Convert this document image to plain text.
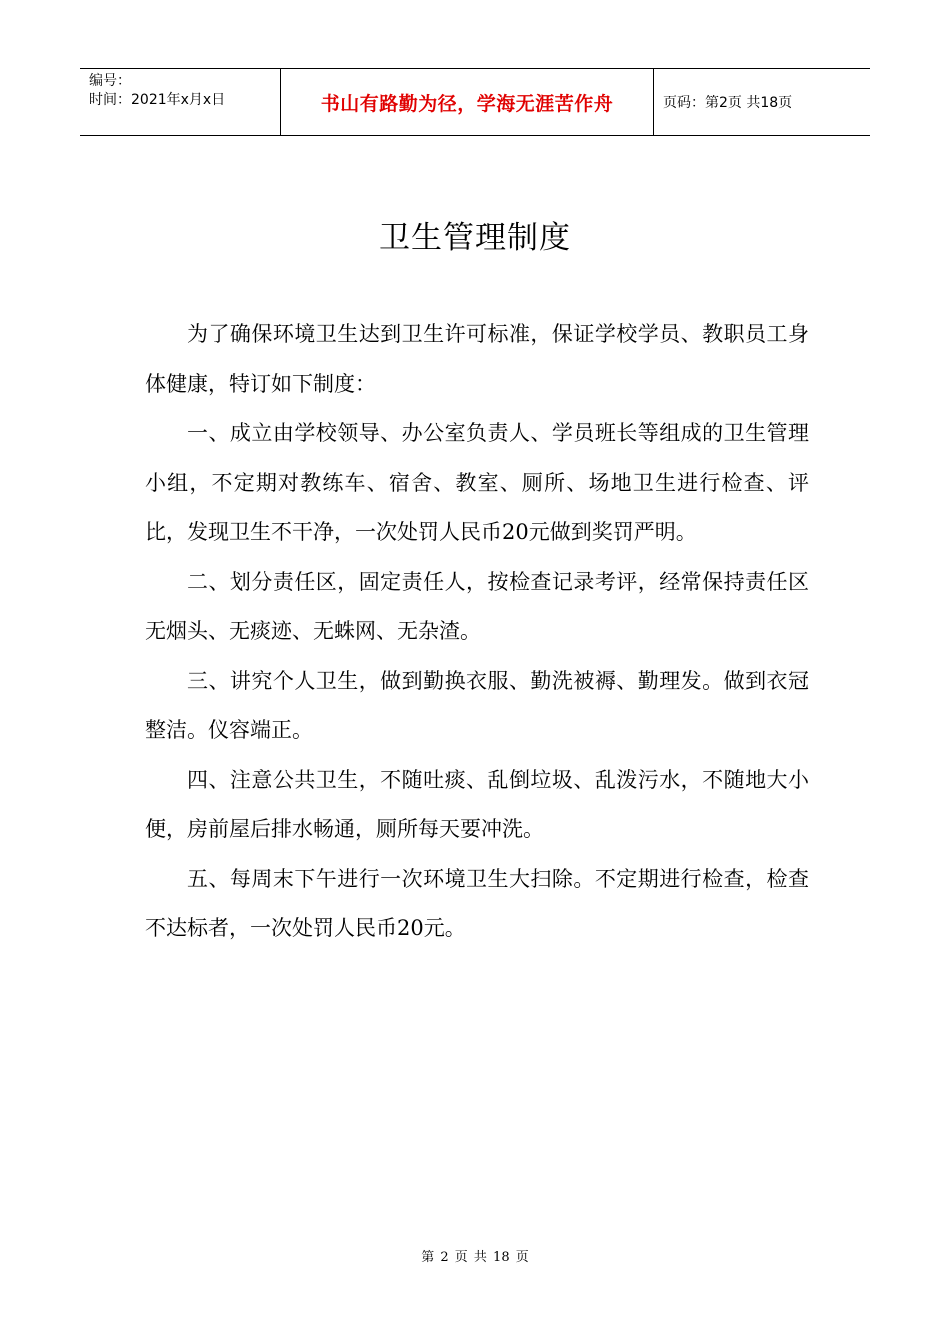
编号：
时间：2021年x月x日	书山有路勤为径，学海无涯苦作舟	页码：第2页 共18页
卫生管理制度

为了确保环境卫生达到卫生许可标准，保证学校学员、教职员工身体健康，特订如下制度：

一、成立由学校领导、办公室负责人、学员班长等组成的卫生管理小组，不定期对教练车、宿舍、教室、厕所、场地卫生进行检查、评比，发现卫生不干净，一次处罚人民币20元做到奖罚严明。

二、划分责任区，固定责任人，按检查记录考评，经常保持责任区无烟头、无痰迹、无蛛网、无杂渣。

三、讲究个人卫生，做到勤换衣服、勤洗被褥、勤理发。做到衣冠整洁。仪容端正。

四、注意公共卫生，不随吐痰、乱倒垃圾、乱泼污水，不随地大小便，房前屋后排水畅通，厕所每天要冲洗。

五、每周末下午进行一次环境卫生大扫除。不定期进行检查，检查不达标者，一次处罚人民币20元。

第 2 页 共 18 页
